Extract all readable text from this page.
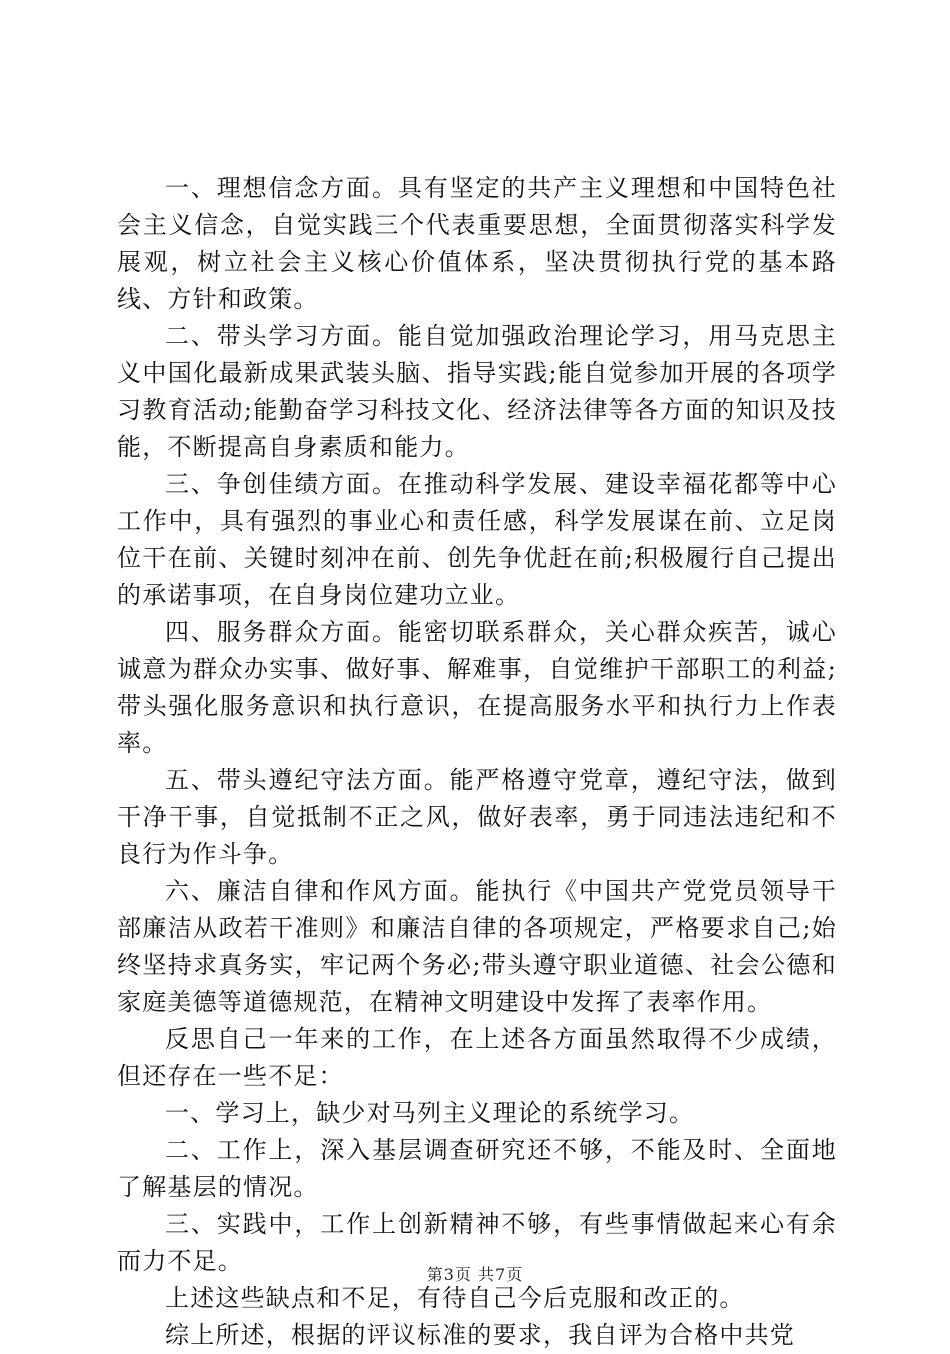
一、理想信念方面。具有坚定的共产主义理想和中国特色社会主义信念，自觉实践三个代表重要思想，全面贯彻落实科学发展观，树立社会主义核心价值体系，坚决贯彻执行党的基本路线、方针和政策。

二、带头学习方面。能自觉加强政治理论学习，用马克思主义中国化最新成果武装头脑、指导实践;能自觉参加开展的各项学习教育活动;能勤奋学习科技文化、经济法律等各方面的知识及技能，不断提高自身素质和能力。

三、争创佳绩方面。在推动科学发展、建设幸福花都等中心工作中，具有强烈的事业心和责任感，科学发展谋在前、立足岗位干在前、关键时刻冲在前、创先争优赶在前;积极履行自己提出的承诺事项，在自身岗位建功立业。

四、服务群众方面。能密切联系群众，关心群众疾苦，诚心诚意为群众办实事、做好事、解难事，自觉维护干部职工的利益;带头强化服务意识和执行意识，在提高服务水平和执行力上作表率。

五、带头遵纪守法方面。能严格遵守党章，遵纪守法，做到干净干事，自觉抵制不正之风，做好表率，勇于同违法违纪和不良行为作斗争。

六、廉洁自律和作风方面。能执行《中国共产党党员领导干部廉洁从政若干准则》和廉洁自律的各项规定，严格要求自己;始终坚持求真务实，牢记两个务必;带头遵守职业道德、社会公德和家庭美德等道德规范，在精神文明建设中发挥了表率作用。

反思自己一年来的工作，在上述各方面虽然取得不少成绩，但还存在一些不足：

一、学习上，缺少对马列主义理论的系统学习。

二、工作上，深入基层调查研究还不够，不能及时、全面地了解基层的情况。

三、实践中，工作上创新精神不够，有些事情做起来心有余而力不足。

上述这些缺点和不足，有待自己今后克服和改正的。

综上所述，根据的评议标准的要求，我自评为合格中共党

第3页 共7页
